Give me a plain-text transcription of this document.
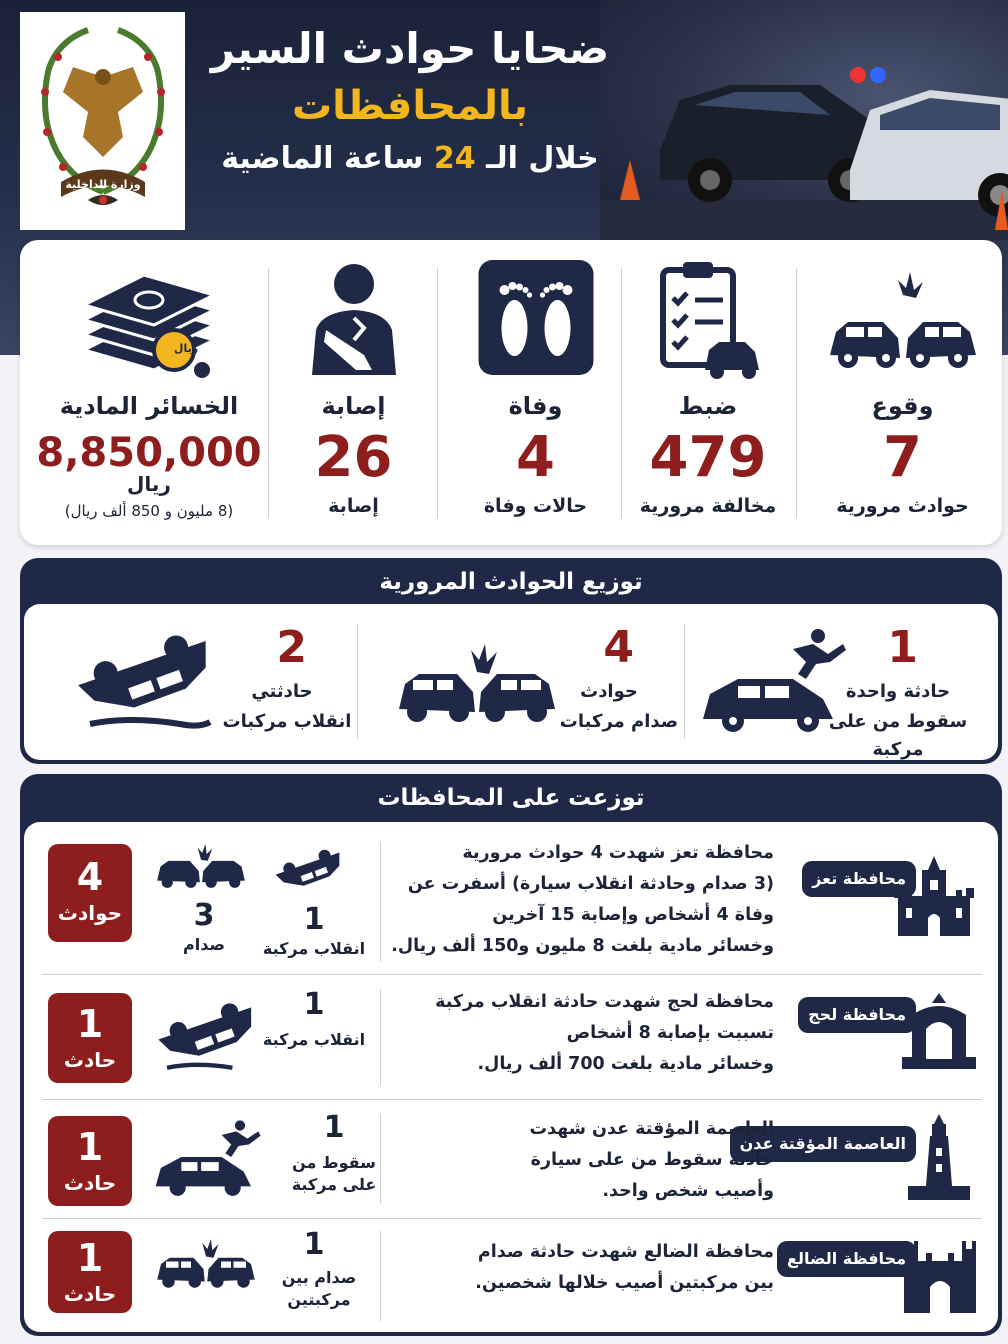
وزارة الداخلية
ضحايا حوادث السير
بالمحافظات
خلال الـ 24 ساعة الماضية
وقوع
7
حوادث مرورية
ضبط
479
مخالفة مرورية
وفاة
4
حالات وفاة
إصابة
26
إصابة
ريال
الخسائر المادية
8,850,000
ريال
(8 مليون و 850 ألف ريال)
توزيع الحوادث المرورية
1
حادثة واحدة
سقوط من على مركبة
4
حوادث
صدام مركبات
2
حادثتي
انقلاب مركبات
توزعت على المحافظات
محافظة تعز
محافظة تعز شهدت 4 حوادث مرورية
(3 صدام وحادثة انقلاب سيارة) أسفرت عن
وفاة 4 أشخاص وإصابة 15 آخرين
وخسائر مادية بلغت 8 مليون و150 ألف ريال.
1
انقلاب مركبة
3
صدام
4
حوادث
محافظة لحج
محافظة لحج شهدت حادثة انقلاب مركبة
تسببت بإصابة 8 أشخاص
وخسائر مادية بلغت 700 ألف ريال.
1
انقلاب مركبة
1
حادث
العاصمة المؤقتة عدن
العاصمة المؤقتة عدن شهدت
حادثة سقوط من على سيارة
وأصيب شخص واحد.
1
سقوط من على مركبة
1
حادث
محافظة الضالع
محافظة الضالع شهدت حادثة صدام
بين مركبتين أصيب خلالها شخصين.
1
صدام بين مركبتين
1
حادث
